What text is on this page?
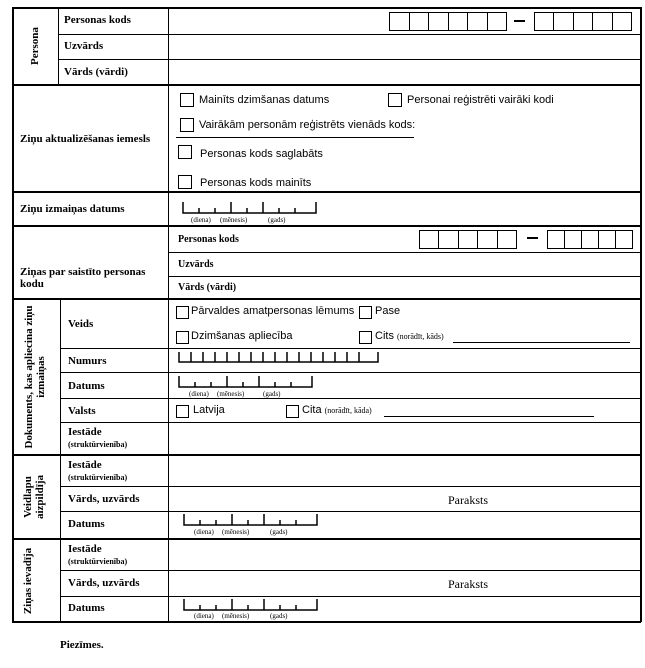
Persona
Personas kods
Uzvārds
Vārds (vārdi)
Ziņu aktualizēšanas iemesls
Mainīts dzimšanas datums	Personai reģistrēti vairāki kodi
Vairākām personām reģistrēts vienāds kods:
Personas kods saglabāts
Personas kods mainīts
Ziņu izmaiņas datums
(diena) (mēnesis)	(gads)
Ziņas par saistīto personas kodu
Personas kods
Uzvārds
Vārds (vārdi)
Dokuments, kas apliecina ziņu izmaiņas
Veids
Pārvaldes amatpersonas lēmums Pase
Dzimšanas apliecība	Cits (norādīt, kāds)
Numurs
Datums
(diena) (mēnesis)	(gads)
Valsts	Latvija	Cita (norādīt, kāda)
Iestāde
(struktūrvienība)
Veidlapu aizpildīja
Iestāde
(struktūrvienība)
Vārds, uzvārds	Paraksts
Datums
(diena) (mēnesis)	(gads)
Ziņas ievadīja	Iestāde
(struktūrvienība)
Vārds, uzvārds	Paraksts
Datums
(diena) (mēnesis)	(gads)
Piezīmes.
